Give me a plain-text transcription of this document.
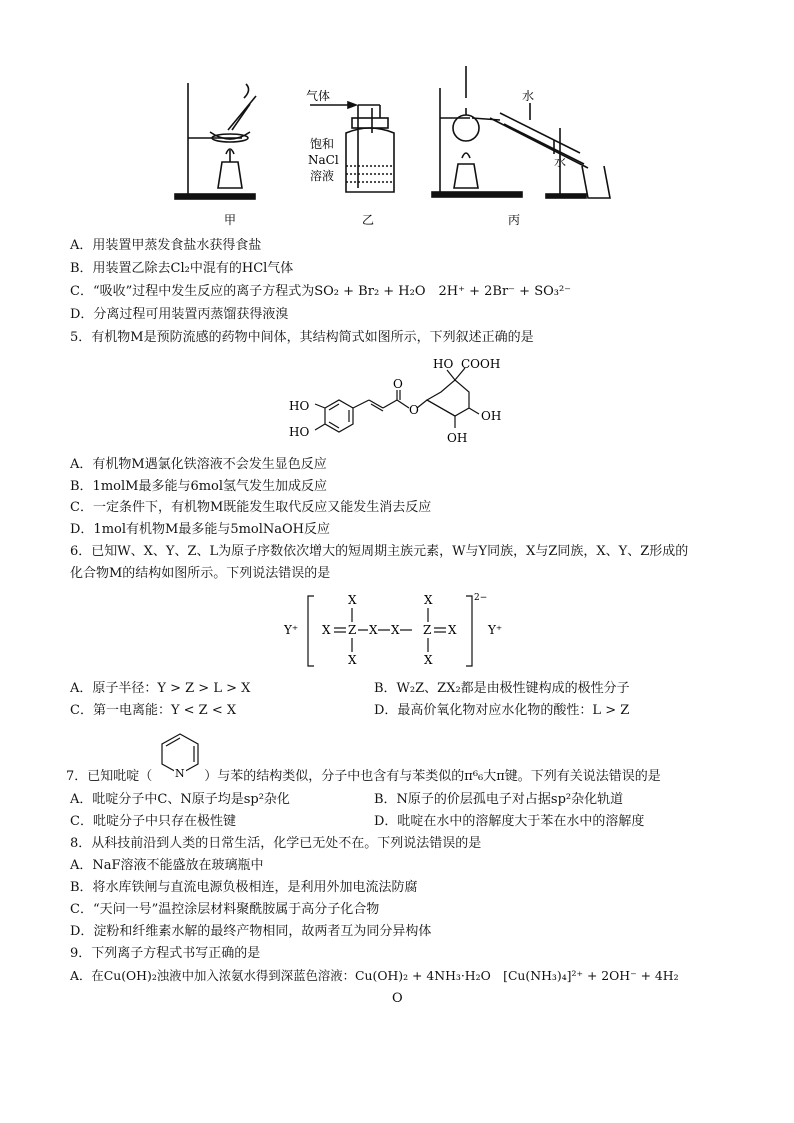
气体
饱和
NaCl
溶液
水
水
甲	乙	丙
A．用装置甲蒸发食盐水获得食盐
B．用装置乙除去Cl₂中混有的HCl气体
C．“吸收”过程中发生反应的离子方程式为SO₂ + Br₂ + H₂O　2H⁺ + 2Br⁻ + SO₃²⁻
D．分离过程可用装置丙蒸馏获得液溴
5．有机物M是预防流感的药物中间体，其结构简式如图所示，下列叙述正确的是
HO COOH
HO
HO
O
O
OH
OH
A．有机物M遇氯化铁溶液不会发生显色反应
B．1molM最多能与6mol氢气发生加成反应
C．一定条件下，有机物M既能发生取代反应又能发生消去反应
D．1mol有机物M最多能与5molNaOH反应
6．已知W、X、Y、Z、L为原子序数依次增大的短周期主族元素，W与Y同族，X与Z同族，X、Y、Z形成的
化合物M的结构如图所示。下列说法错误的是
Y⁺	Y⁺
2−
X	X
X Z X X Z X
X	X
A．原子半径：Y > Z > L > X	B．W₂Z、ZX₂都是由极性键构成的极性分子
C．第一电离能：Y < Z < X	D．最高价氧化物对应水化物的酸性：L > Z
N
7．已知吡啶（	）与苯的结构类似，分子中也含有与苯类似的π⁶₆大π键。下列有关说法错误的是
A．吡啶分子中C、N原子均是sp²杂化	B．N原子的价层孤电子对占据sp²杂化轨道
C．吡啶分子中只存在极性键	D．吡啶在水中的溶解度大于苯在水中的溶解度
8．从科技前沿到人类的日常生活，化学已无处不在。下列说法错误的是
A．NaF溶液不能盛放在玻璃瓶中
B．将水库铁闸与直流电源负极相连，是利用外加电流法防腐
C．“天问一号”温控涂层材料聚酰胺属于高分子化合物
D．淀粉和纤维素水解的最终产物相同，故两者互为同分异构体
9．下列离子方程式书写正确的是
A．在Cu(OH)₂浊液中加入浓氨水得到深蓝色溶液：Cu(OH)₂ + 4NH₃·H₂O　[Cu(NH₃)₄]²⁺ + 2OH⁻ + 4H₂
O
